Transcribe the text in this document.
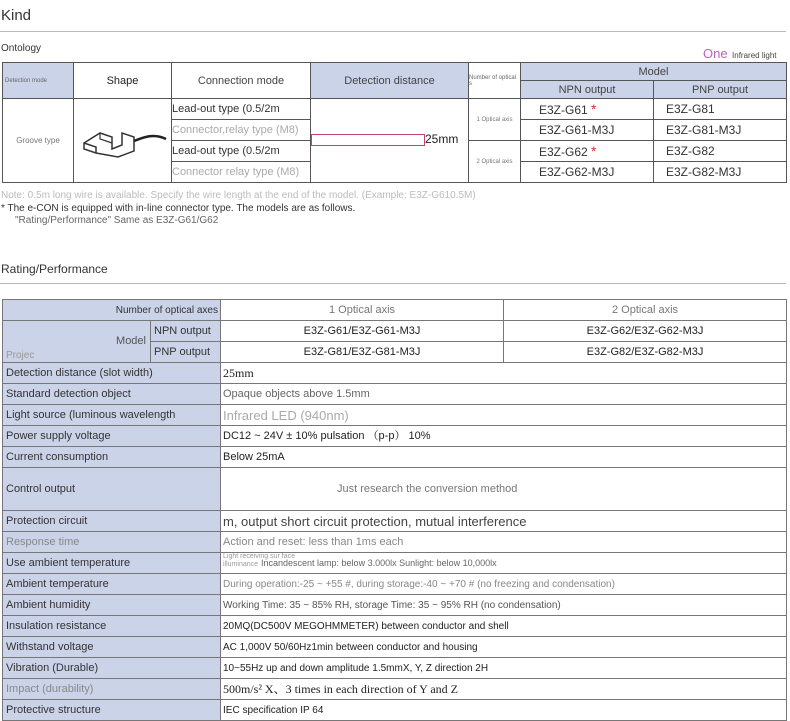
Kind
Ontology	One Infrared light
Detection mode	Shape	Connection mode	Detection distance	Number of optical s	Model	
					NPN output	PNP output
Groove type		Lead-out type (0.5/2m	25mm	1 Optical axis	E3Z-G61 *	E3Z-G81
		Connector,relay type (M8)			E3Z-G61-M3J	E3Z-G81-M3J
		Lead-out type (0.5/2m		2 Optical axis	E3Z-G62 *	E3Z-G82
		Connector relay type (M8)			E3Z-G62-M3J	E3Z-G82-M3J
Note: 0.5m long wire is available. Specify the wire length at the end of the model. (Example: E3Z-G610.5M)
* The e-CON is equipped with in-line connector type. The models are as follows.
"Rating/Performance" Same as E3Z-G61/G62
Rating/Performance
Number of optical axes		1 Optical axis	2 Optical axis

Model
Projec	NPN output	E3Z-G61/E3Z-G61-M3J	E3Z-G62/E3Z-G62-M3J
	PNP output	E3Z-G81/E3Z-G81-M3J	E3Z-G82/E3Z-G82-M3J
Detection distance (slot width)		25mm	
Standard detection object		Opaque objects above 1.5mm	
Light source (luminous wavelength		Infrared LED (940nm)	
Power supply voltage		DC12 ~ 24V ± 10% pulsation （p-p） 10%	
Current consumption		Below 25mA	
Control output		Just research the conversion method	
Protection circuit		m, output short circuit protection, mutual interference	
Response time		Action and reset: less than 1ms each	
Use ambient temperature		Light receiving sur face illuminance Incandescent lamp: below 3.000lx Sunlight: below 10,000lx	
Ambient temperature		During operation:-25 ~ +55 #, during storage:-40 ~ +70 # (no freezing and condensation)	
Ambient humidity		Working Time: 35 ~ 85% RH, storage Time: 35 ~ 95% RH (no condensation)	
Insulation resistance		20MQ(DC500V MEGOHMMETER) between conductor and shell	
Withstand voltage		AC 1,000V 50/60Hz1min between conductor and housing	
Vibration (Durable)		10~55Hz up and down amplitude 1.5mmX, Y, Z direction 2H	
Impact (durability)		500m/s² X、3 times in each direction of Y and Z	
Protective structure		IEC specification IP 64	
